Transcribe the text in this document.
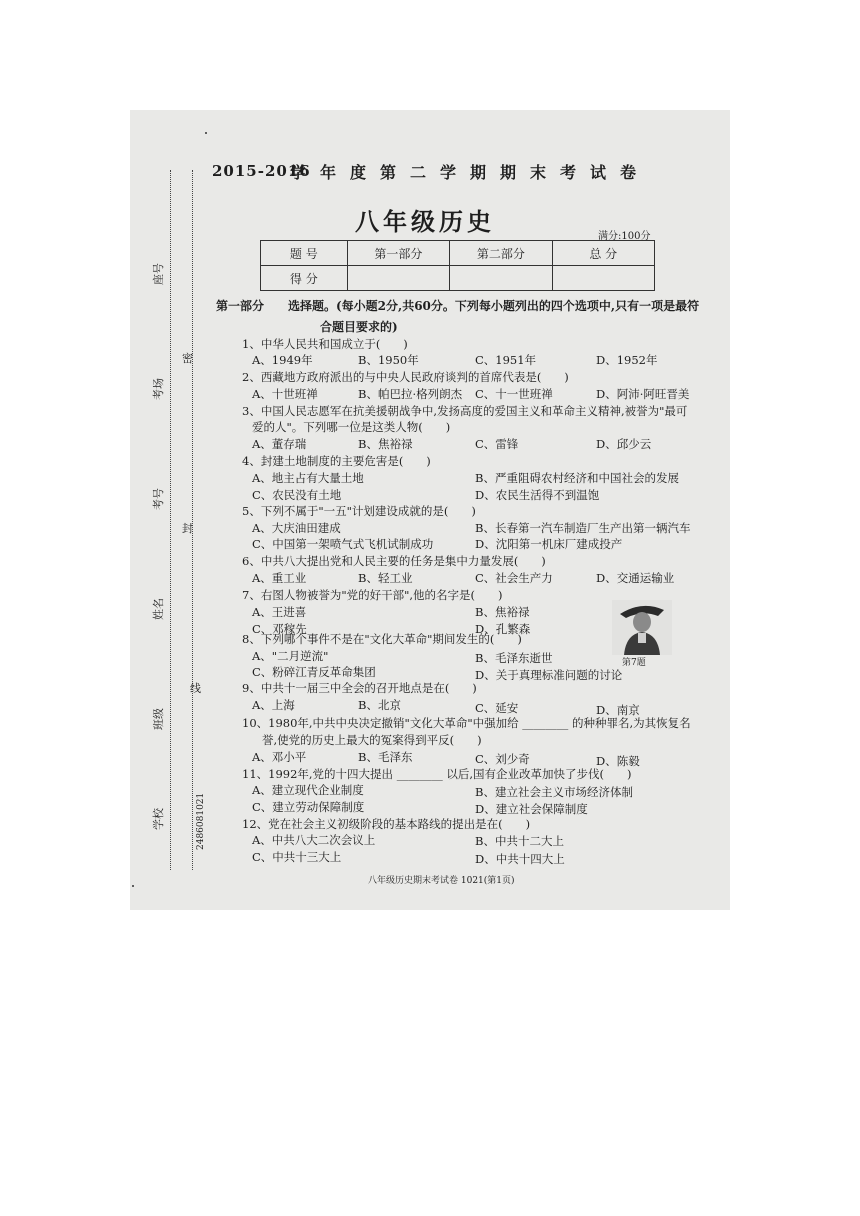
座号
考场
考号
姓名
班级
学校	2486081021
密
封
线
2015-2016
学年度第二学期期末考试卷
八年级历史
满分:100分
题 号	第一部分	第二部分	总 分
得 分			
第一部分 选择题。(每小题2分,共60分。下列每小题列出的四个选项中,只有一项是最符
合题目要求的)
1、中华人民共和国成立于(　　)
A、1949年	B、1950年	C、1951年	D、1952年
2、西藏地方政府派出的与中央人民政府谈判的首席代表是(　　)
A、十世班禅	B、帕巴拉·格列朗杰 C、十一世班禅	D、阿沛·阿旺晋美
3、中国人民志愿军在抗美援朝战争中,发扬高度的爱国主义和革命主义精神,被誉为"最可
爱的人"。下列哪一位是这类人物(　　)
A、董存瑞	B、焦裕禄	C、雷锋	D、邱少云
4、封建土地制度的主要危害是(　　)
A、地主占有大量土地	B、严重阻碍农村经济和中国社会的发展
C、农民没有土地	D、农民生活得不到温饱
5、下列不属于"一五"计划建设成就的是(　　)
A、大庆油田建成	B、长春第一汽车制造厂生产出第一辆汽车
C、中国第一架喷气式飞机试制成功	D、沈阳第一机床厂建成投产
6、中共八大提出党和人民主要的任务是集中力量发展(　　)
A、重工业	B、轻工业	C、社会生产力	D、交通运输业
7、右图人物被誉为"党的好干部",他的名字是(　　)
A、王进喜	B、焦裕禄
C、邓稼先	D、孔繁森
第7题
8、下列哪个事件不是在"文化大革命"期间发生的(　　)
A、"二月逆流"	B、毛泽东逝世
C、粉碎江青反革命集团	D、关于真理标准问题的讨论
9、中共十一届三中全会的召开地点是在(　　)
A、上海	B、北京	C、延安	D、南京
10、1980年,中共中央决定撤销"文化大革命"中强加给 ________ 的种种罪名,为其恢复名
誉,使党的历史上最大的冤案得到平反(　　)
A、邓小平	B、毛泽东	C、刘少奇	D、陈毅
11、1992年,党的十四大提出 ________ 以后,国有企业改革加快了步伐(　　)
A、建立现代企业制度	B、建立社会主义市场经济体制
C、建立劳动保障制度	D、建立社会保障制度
12、党在社会主义初级阶段的基本路线的提出是在(　　)
A、中共八大二次会议上	B、中共十二大上
C、中共十三大上	D、中共十四大上
八年级历史期末考试卷 1021(第1页)
